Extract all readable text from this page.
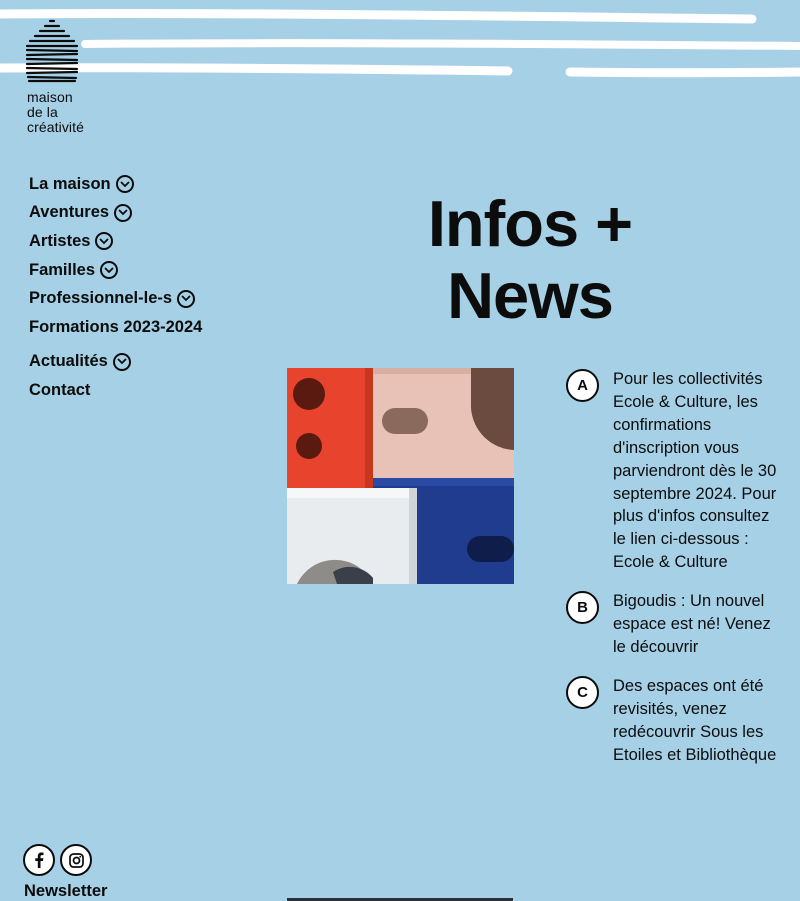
maison
de la
créativité
La maison
Aventures
Artistes
Familles
Professionnel-le-s
Formations 2023-2024
Actualités
Contact
Infos +
News
A	Pour les collectivités Ecole & Culture, les confirmations d'inscription vous parviendront dès le 30 septembre 2024. Pour plus d'infos consultez le lien ci-dessous : Ecole & Culture
B	Bigoudis : Un nouvel espace est né! Venez le découvrir
C	Des espaces ont été revisités, venez redécouvrir Sous les Etoiles et Bibliothèque
Newsletter
